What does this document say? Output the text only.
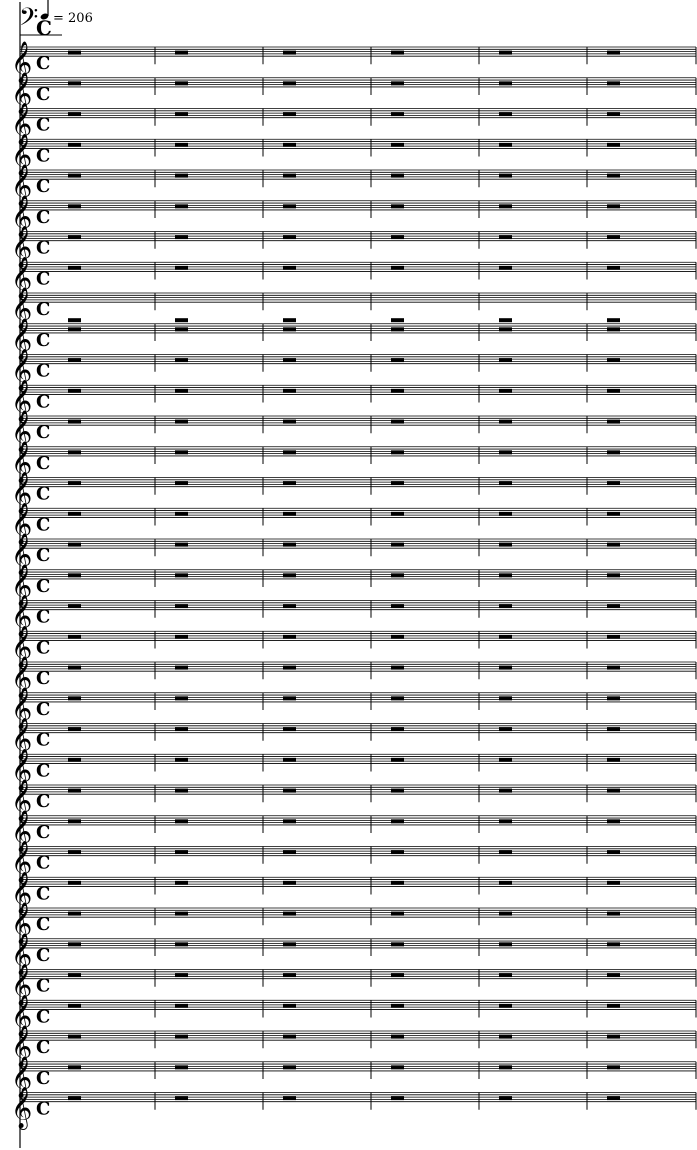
= 206
𝄢
C
𝄞 C
𝄞 C
𝄞 C
𝄞 C
𝄞 C
𝄞 C
𝄞 C
𝄞 C
𝄞 C
𝄞 C
𝄞 C
𝄞 C
𝄞 C
𝄞 C
𝄞 C
𝄞 C
𝄞 C
𝄞 C
𝄞 C
𝄞 C
𝄞 C
𝄞 C
𝄞 C
𝄞 C
𝄞 C
𝄞 C
𝄞 C
𝄞 C
𝄞 C
𝄞 C
𝄞 C
𝄞 C
𝄞 C
𝄞 C
𝄞 C
